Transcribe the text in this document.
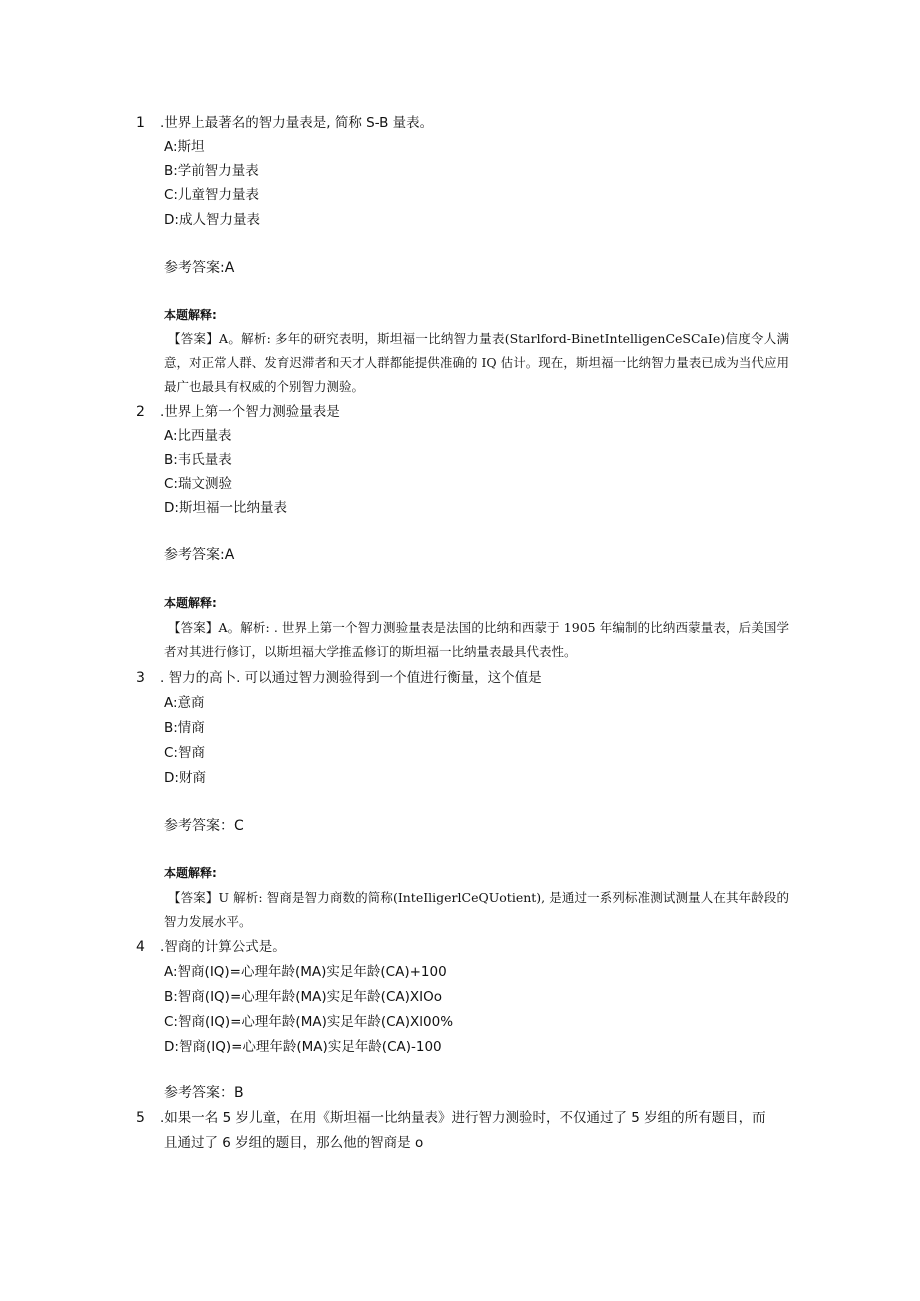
1 .世界上最著名的智力量表是, 简称 S-B 量表。
A:斯坦
B:学前智力量表
C:儿童智力量表
D:成人智力量表
参考答案:A
本题解释:
【答案】A。解析: 多年的研究表明，斯坦福一比纳智力量表(Starlford-BinetIntelligenCeSCaIe)信度令人满意，对正常人群、发育迟滞者和天才人群都能提供准确的 IQ 估计。现在，斯坦福一比纳智力量表已成为当代应用最广也最具有权威的个别智力测验。
2 .世界上第一个智力测验量表是
A:比西量表
B:韦氏量表
C:瑞文测验
D:斯坦福一比纳量表
参考答案:A
本题解释:
【答案】A。解析: . 世界上第一个智力测验量表是法国的比纳和西蒙于 1905 年编制的比纳西蒙量表，后美国学者对其进行修订，以斯坦福大学推孟修订的斯坦福一比纳量表最具代表性。
3 . 智力的高卜. 可以通过智力测验得到一个值进行衡量，这个值是
A:意商
B:情商
C:智商
D:财商
参考答案：C
本题解释:
【答案】U 解析: 智商是智力商数的简称(InteIligerlCeQUotient), 是通过一系列标准测试测量人在其年龄段的智力发展水平。
4 .智商的计算公式是。
A:智商(IQ)=心理年龄(MA)实足年龄(CA)+100
B:智商(IQ)=心理年龄(MA)实足年龄(CA)XIOo
C:智商(IQ)=心理年龄(MA)实足年龄(CA)Xl00%
D:智商(IQ)=心理年龄(MA)实足年龄(CA)-100
参考答案：B
5 .如果一名 5 岁儿童，在用《斯坦福一比纳量表》进行智力测验时，不仅通过了 5 岁组的所有题目，而
且通过了 6 岁组的题目，那么他的智商是 o
